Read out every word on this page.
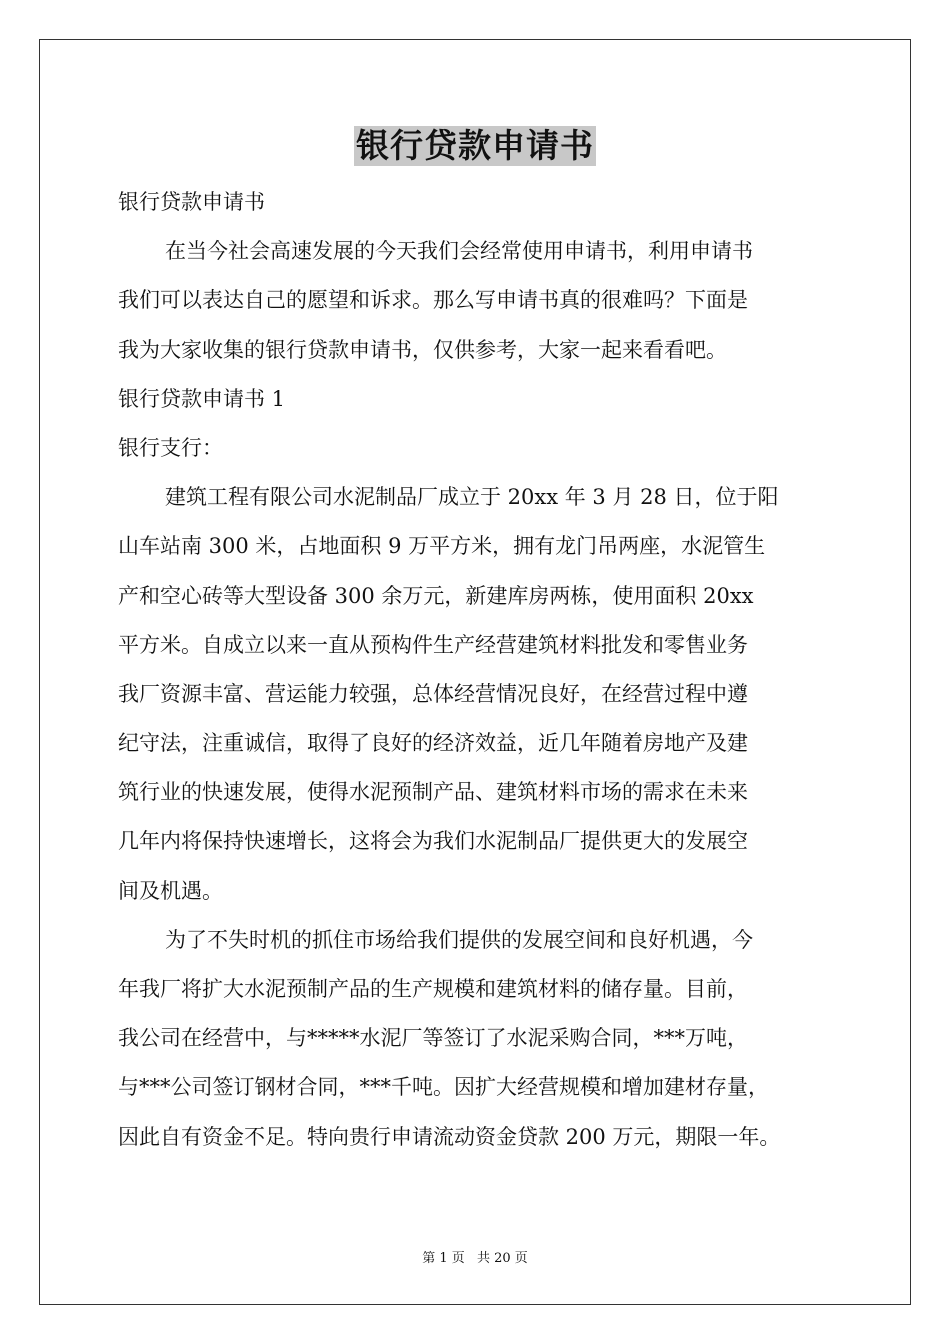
银行贷款申请书
银行贷款申请书
在当今社会高速发展的今天我们会经常使用申请书，利用申请书
我们可以表达自己的愿望和诉求。那么写申请书真的很难吗？下面是
我为大家收集的银行贷款申请书，仅供参考，大家一起来看看吧。
银行贷款申请书 1
银行支行：
建筑工程有限公司水泥制品厂成立于 20xx 年 3 月 28 日，位于阳
山车站南 300 米，占地面积 9 万平方米，拥有龙门吊两座，水泥管生
产和空心砖等大型设备 300 余万元，新建库房两栋，使用面积 20xx
平方米。自成立以来一直从预构件生产经营建筑材料批发和零售业务
我厂资源丰富、营运能力较强，总体经营情况良好，在经营过程中遵
纪守法，注重诚信，取得了良好的经济效益，近几年随着房地产及建
筑行业的快速发展，使得水泥预制产品、建筑材料市场的需求在未来
几年内将保持快速增长，这将会为我们水泥制品厂提供更大的发展空
间及机遇。
为了不失时机的抓住市场给我们提供的发展空间和良好机遇，今
年我厂将扩大水泥预制产品的生产规模和建筑材料的储存量。目前，
我公司在经营中，与*****水泥厂等签订了水泥采购合同，***万吨，
与***公司签订钢材合同，***千吨。因扩大经营规模和增加建材存量，
因此自有资金不足。特向贵行申请流动资金贷款 200 万元，期限一年。
第 1 页 共 20 页
